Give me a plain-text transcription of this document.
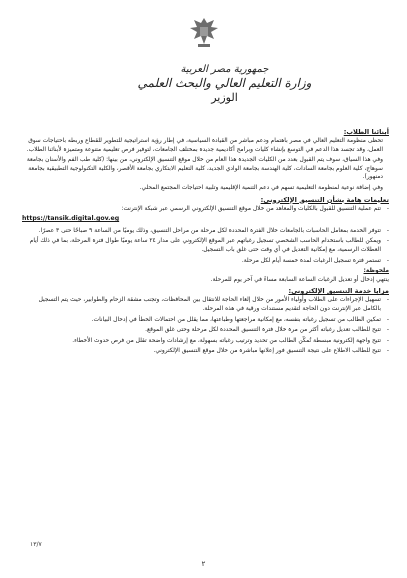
جمهورية مصر العربية
وزارة التعليم العالي والبحث العلمي
الوزير
أبنائنا الطلاب:

تحظى منظومة التعليم العالي في مصر باهتمام ودعم مباشر من القيادة السياسية، في إطار رؤية استراتيجية للتطوير للقطاع وربطه باحتياجات سوق العمل، وقد تجسد هذا الدعم في التوسع بإنشاء كليات وبرامج أكاديمية جديدة بمختلف الجامعات، لتوفير فرص تعليمية متنوعة ومتميزة لأبنائنا الطلاب.

وفي هذا السياق، سوف يتم القبول بعدد من الكليات الجديدة هذا العام من خلال موقع التنسيق الإلكتروني، من بينها: (كلية طب الفم والأسنان بجامعة سوهاج، كلية العلوم بجامعة السادات، كلية الهندسة بجامعة الوادي الجديد، كلية التعليم الابتكاري بجامعة الأقصر، والكلية التكنولوجية التطبيقية بجامعة دمنهور).

وفي إضافة نوعية لمنظومة التعليمية تسهم في دعم التنمية الإقليمية وتلبية احتياجات المجتمع المحلي.

تعليمات هامة بشأن التنسيق الإلكتروني:

- تتم عملية التنسيق للقبول بالكليات والمعاهد من خلال موقع التنسيق الإلكتروني الرسمي عبر شبكة الإنترنت:

https://tansik.digital.gov.eg

- تتوفر الخدمة بمعامل الحاسبات بالجامعات خلال الفترة المحددة لكل مرحلة من مراحل التنسيق، وذلك يوميًا من الساعة ٩ صباحًا حتى ٣ عصرًا.

- ويمكن للطالب باستخدام الحاسب الشخصي تسجيل رغباتهم عبر الموقع الإلكتروني على مدار ٢٤ ساعة يوميًا طوال فترة المرحلة، بما في ذلك أيام العطلات الرسمية، مع إمكانية التعديل في أي وقت حتى غلق باب التسجيل.

- تستمر فترة تسجيل الرغبات لمدة خمسة أيام لكل مرحلة.

ملحوظة:

ينتهي إدخال أو تعديل الرغبات الساعة السابعة مساءً في آخر يوم للمرحلة.

مزايا خدمة التنسيق الإلكتروني:

- تسهيل الإجراءات على الطلاب وأولياء الأمور من خلال إلغاء الحاجة للانتقال بين المحافظات، وتجنب مشقة الزحام والطوابير، حيث يتم التسجيل بالكامل عبر الإنترنت دون الحاجة لتقديم مستندات ورقية في هذه المرحلة.

- تمكين الطالب من تسجيل رغباته بنفسه، مع إمكانية مراجعتها وطباعتها، مما يقلل من احتمالات الخطأ في إدخال البيانات.

- تتيح للطالب تعديل رغباته أكثر من مرة خلال فترة التنسيق المحددة لكل مرحلة وحتى غلق الموقع.

- تتيح واجهة إلكترونية مبسطة تُمكّن الطالب من تحديد وترتيب رغباته بسهولة، مع إرشادات واضحة تقلل من فرص حدوث الأخطاء.

- تتيح للطالب الاطلاع على نتيجة التنسيق فور إعلانها مباشرة من خلال موقع التنسيق الإلكتروني.

١٣/٧
٢
